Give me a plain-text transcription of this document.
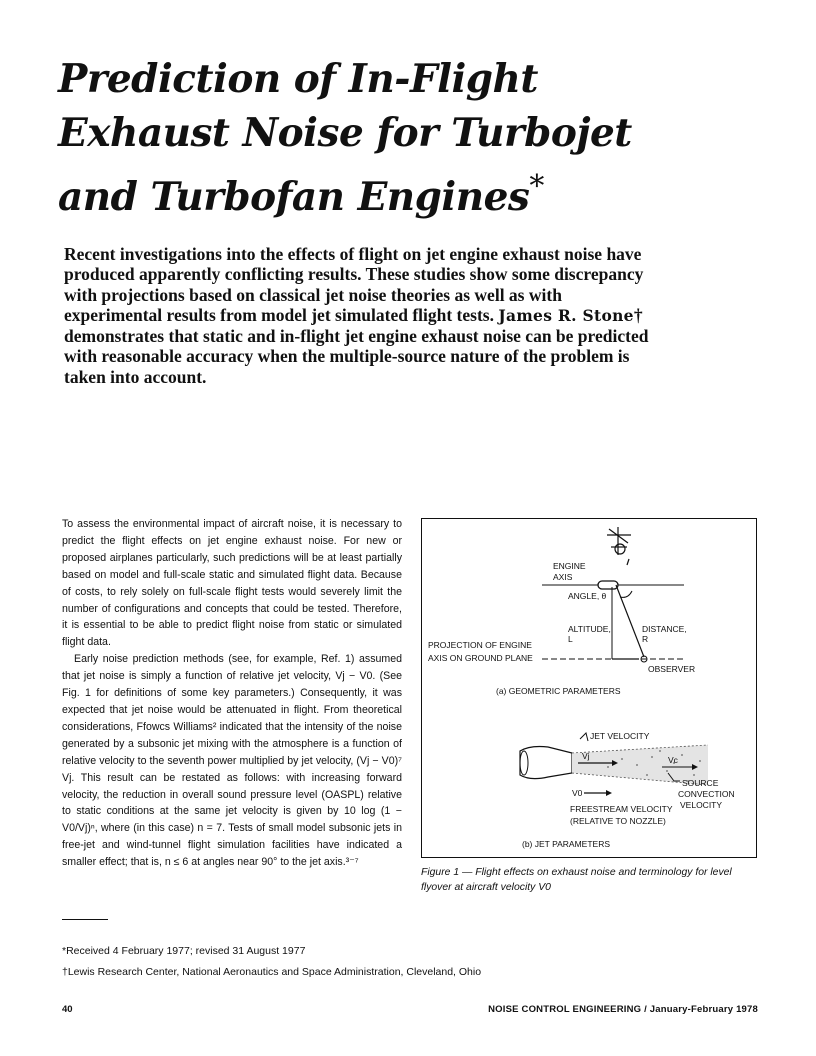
Prediction of In-Flight
Exhaust Noise for Turbojet
and Turbofan Engines*
Recent investigations into the effects of flight on jet engine exhaust noise have produced apparently conflicting results. These studies show some discrepancy with projections based on classical jet noise theories as well as with experimental results from model jet simulated flight tests. James R. Stone† demonstrates that static and in-flight jet engine exhaust noise can be predicted with reasonable accuracy when the multiple-source nature of the problem is taken into account.

To assess the environmental impact of aircraft noise, it is necessary to predict the flight effects on jet engine exhaust noise. For new or proposed airplanes particularly, such predictions will be at least partially based on model and full-scale static and simulated flight data. Because of costs, to rely solely on full-scale flight tests would severely limit the number of configurations and concepts that could be tested. Therefore, it is essential to be able to predict flight noise from static or simulated flight data.

Early noise prediction methods (see, for example, Ref. 1) assumed that jet noise is simply a function of relative jet velocity, Vj − V0. (See Fig. 1 for definitions of some key parameters.) Consequently, it was expected that jet noise would be attenuated in flight. From theoretical considerations, Ffowcs Williams² indicated that the intensity of the noise generated by a subsonic jet mixing with the atmosphere is a function of relative velocity to the seventh power multiplied by jet velocity, (Vj − V0)⁷ Vj. This result can be restated as follows: with increasing forward velocity, the reduction in overall sound pressure level (OASPL) relative to static conditions at the same jet velocity is given by 10 log (1 − V0/Vj)ⁿ, where (in this case) n = 7. Tests of small model subsonic jets in free-jet and wind-tunnel flight simulation facilities have indicated a smaller effect; that is, n ≤ 6 at angles near 90° to the jet axis.³⁻⁷

ENGINE
AXIS
ANGLE, θ
ALTITUDE,
L
DISTANCE,
R
PROJECTION OF ENGINE
AXIS ON GROUND PLANE
OBSERVER
(a) GEOMETRIC PARAMETERS
JET VELOCITY
Vj	Vc
V0
FREESTREAM VELOCITY
(RELATIVE TO NOZZLE)
SOURCE
CONVECTION
VELOCITY
(b) JET PARAMETERS
Figure 1 — Flight effects on exhaust noise and terminology for level flyover at aircraft velocity V0
*Received 4 February 1977; revised 31 August 1977
†Lewis Research Center, National Aeronautics and Space Administration, Cleveland, Ohio
40	NOISE CONTROL ENGINEERING / January-February 1978
